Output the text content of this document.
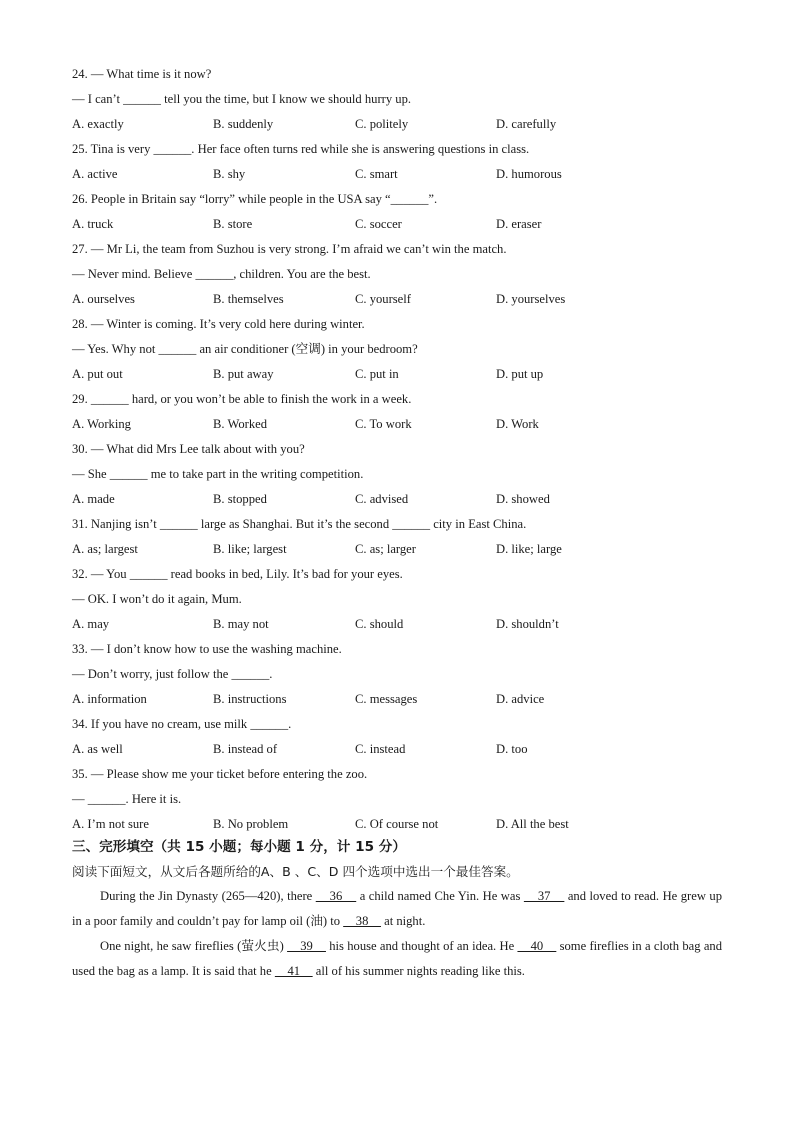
24. — What time is it now?
— I can’t ______ tell you the time, but I know we should hurry up.
A. exactly	B. suddenly	C. politely	D. carefully
25. Tina is very ______. Her face often turns red while she is answering questions in class.
A. active	B. shy	C. smart	D. humorous
26. People in Britain say “lorry” while people in the USA say “______”.
A. truck	B. store	C. soccer	D. eraser
27. — Mr Li, the team from Suzhou is very strong. I’m afraid we can’t win the match.
— Never mind. Believe ______, children. You are the best.
A. ourselves	B. themselves	C. yourself	D. yourselves
28. — Winter is coming. It’s very cold here during winter.
— Yes. Why not ______ an air conditioner (空调) in your bedroom?
A. put out	B. put away	C. put in	D. put up
29. ______ hard, or you won’t be able to finish the work in a week.
A. Working	B. Worked	C. To work	D. Work
30. — What did Mrs Lee talk about with you?
— She ______ me to take part in the writing competition.
A. made	B. stopped	C. advised	D. showed
31. Nanjing isn’t ______ large as Shanghai. But it’s the second ______ city in East China.
A. as; largest	B. like; largest	C. as; larger	D. like; large
32. — You ______ read books in bed, Lily. It’s bad for your eyes.
— OK. I won’t do it again, Mum.
A. may	B. may not	C. should	D. shouldn’t
33. — I don’t know how to use the washing machine.
— Don’t worry, just follow the ______.
A. information	B. instructions	C. messages	D. advice
34. If you have no cream, use milk ______.
A. as well	B. instead of	C. instead	D. too
35. — Please show me your ticket before entering the zoo.
— ______. Here it is.
A. I’m not sure	B. No problem	C. Of course not	D. All the best
三、完形填空（共 15 小题；每小题 1 分，计 15 分）
阅读下面短文，从文后各题所给的A、B 、C、D 四个选项中选出一个最佳答案。

During the Jin Dynasty (265—420), there     36     a child named Che Yin. He was     37     and loved to read. He grew up in a poor family and couldn’t pay for lamp oil (油) to     38     at night.

One night, he saw fireflies (萤火虫)     39     his house and thought of an idea. He     40     some fireflies in a cloth bag and used the bag as a lamp. It is said that he     41     all of his summer nights reading like this.
